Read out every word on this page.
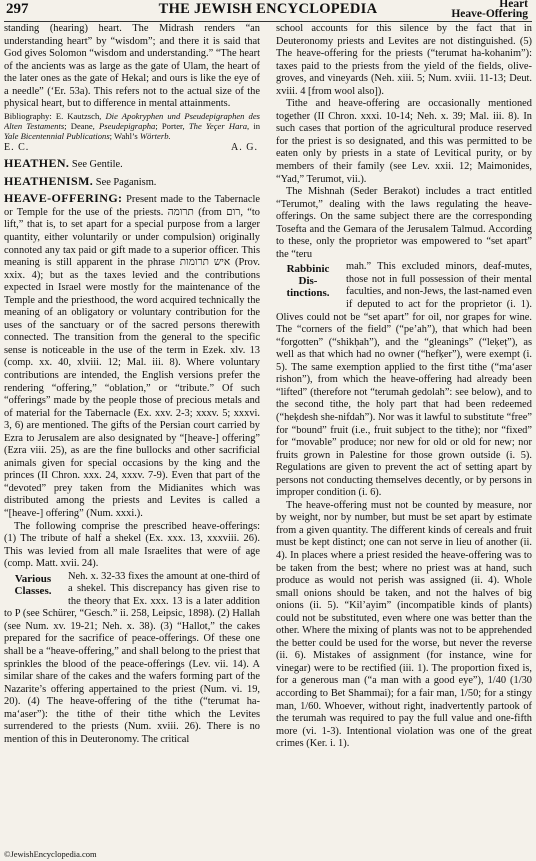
297	THE JEWISH ENCYCLOPEDIA	Heart
Heave-Offering

standing (hearing) heart. The Midrash renders “an understanding heart” by “wisdom”; and there it is said that God gives Solomon “wisdom and understanding.” “The heart of the ancients was as large as the gate of Ulam, the heart of the later ones as the gate of Hekal; and ours is like the eye of a needle” (‘Er. 53a). This refers not to the actual size of the physical heart, but to difference in mental attainments.

Bibliography: E. Kautzsch, Die Apokryphen und Pseudepigraphen des Alten Testaments; Deane, Pseudepigrapha; Porter, The Yeçer Hara, in Yale Bicentennial Publications; Wahl’s Wörterb.

E. C.	A. G.
HEATHEN. See Gentile.
HEATHENISM. See Paganism.

HEAVE-OFFERING: Present made to the Tabernacle or Temple for the use of the priests. תרומה (from רום, “to lift,” that is, to set apart for a special purpose from a larger quantity, either voluntarily or under compulsion) originally connoted any tax paid or gift made to a superior officer. This meaning is still apparent in the phrase איש תרומות (Prov. xxix. 4); but as the taxes levied and the contributions expected in Israel were mostly for the maintenance of the Temple and the priesthood, the word acquired technically the meaning of an obligatory or voluntary contribution for the uses of the sanctuary or of the sacred persons therewith connected. The transition from the general to the specific sense is noticeable in the use of the term in Ezek. xlv. 13 (comp. xx. 40, xlviii. 12; Mal. iii. 8). Where voluntary contributions are intended, the English versions prefer the rendering “offering,” “oblation,” or “tribute.” Of such “offerings” made by the people those of precious metals and of material for the Tabernacle (Ex. xxv. 2-3; xxxv. 5; xxxvi. 3, 6) are mentioned. The gifts of the Persian court carried by Ezra to Jerusalem are also designated by “[heave-] offering” (Ezra viii. 25), as are the fine bullocks and other sacrificial animals given for special occasions by the king and the princes (II Chron. xxx. 24, xxxv. 7-9). Even that part of the “devoted” prey taken from the Midianites which was distributed among the priests and Levites is called a “[heave-] offering” (Num. xxxi.).

The following comprise the prescribed heave-offerings: (1) The tribute of half a shekel (Ex. xxx. 13, xxxviii. 26). This was levied from all male Israelites that were of age (comp. Matt. xvii. 24).

Various
Classes.

Neh. x. 32-33 fixes the amount at one-third of a shekel. This discrepancy has given rise to the theory that Ex. xxx. 13 is a later addition to P (see Schürer, “Gesch.” ii. 258, Leipsic, 1898). (2) Hallah (see Num. xv. 19-21; Neh. x. 38). (3) “Hallot,” the cakes prepared for the sacrifice of peace-offerings. Of these one shall be a “heave-offering,” and shall belong to the priest that sprinkles the blood of the peace-offerings (Lev. vii. 14). A similar share of the cakes and the wafers forming part of the Nazarite’s offering appertained to the priest (Num. vi. 19, 20). (4) The heave-offering of the tithe (“terumat ha-ma‘aser”): the tithe of their tithe which the Levites surrendered to the priests (Num. xviii. 26). There is no mention of this in Deuteronomy. The critical

school accounts for this silence by the fact that in Deuteronomy priests and Levites are not distinguished. (5) The heave-offering for the priests (“terumat ha-kohanim”): taxes paid to the priests from the yield of the fields, olive-groves, and vineyards (Neh. xiii. 5; Num. xviii. 11-13; Deut. xviii. 4 [from wool also]).

Tithe and heave-offering are occasionally mentioned together (II Chron. xxxi. 10-14; Neh. x. 39; Mal. iii. 8). In such cases that portion of the agricultural produce reserved for the priest is so designated, and this was permitted to be eaten only by priests in a state of Levitical purity, or by members of their family (see Lev. xxii. 12; Maimonides, “Yad,” Terumot, vii.).

The Mishnah (Seder Berakot) includes a tract entitled “Terumot,” dealing with the laws regulating the heave-offerings. On the same subject there are the corresponding Tosefta and the Gemara of the Jerusalem Talmud. According to these, only the proprietor was empowered to “set apart” the “teru

Rabbinic
Dis-
tinctions.

mah.” This excluded minors, deaf-mutes, those not in full possession of their mental faculties, and non-Jews, the last-named even if deputed to act for the proprietor (i. 1). Olives could not be “set apart” for oil, nor grapes for wine. The “corners of the field” (“pe’ah”), that which had been “forgotten” (“shikḥah”), and the “gleanings” (“leḳeṭ”), as well as that which had no owner (“hefḳer”), were exempt (i. 5). The same exemption applied to the first tithe (“ma‘aser rishon”), from which the heave-offering had already been “lifted” (therefore not “terumah gedolah”: see below), and to the second tithe, the holy part that had been redeemed (“heḳdesh she-nifdah”). Nor was it lawful to substitute “free” for “bound” fruit (i.e., fruit subject to the tithe); nor “fixed” for “movable” produce; nor new for old or old for new; nor fruits grown in Palestine for those grown outside (i. 5). Regulations are given to prevent the act of setting apart by persons not conducting themselves decently, or by persons in improper condition (i. 6).

The heave-offering must not be counted by measure, nor by weight, nor by number, but must be set apart by estimate from a given quantity. The different kinds of cereals and fruit must be kept distinct; one can not serve in lieu of another (ii. 4). In places where a priest resided the heave-offering was to be taken from the best; where no priest was at hand, such produce as would not perish was assigned (ii. 4). Whole small onions should be taken, and not the halves of big onions (ii. 5). “Kil’ayim” (incompatible kinds of plants) could not be substituted, even where one was better than the other. Where the mixing of plants was not to be apprehended the better could be used for the worse, but never the reverse (ii. 6). Mistakes of assignment (for instance, wine for vinegar) were to be rectified (iii. 1). The proportion fixed is, for a generous man (“a man with a good eye”), 1/40 (1/30 according to Bet Shammai); for a fair man, 1/50; for a stingy man, 1/60. Whoever, without right, inadvertently partook of the terumah was required to pay the full value and one-fifth more (vi. 1-3). Intentional violation was one of the great crimes (Ker. i. 1).

©JewishEncyclopedia.com
